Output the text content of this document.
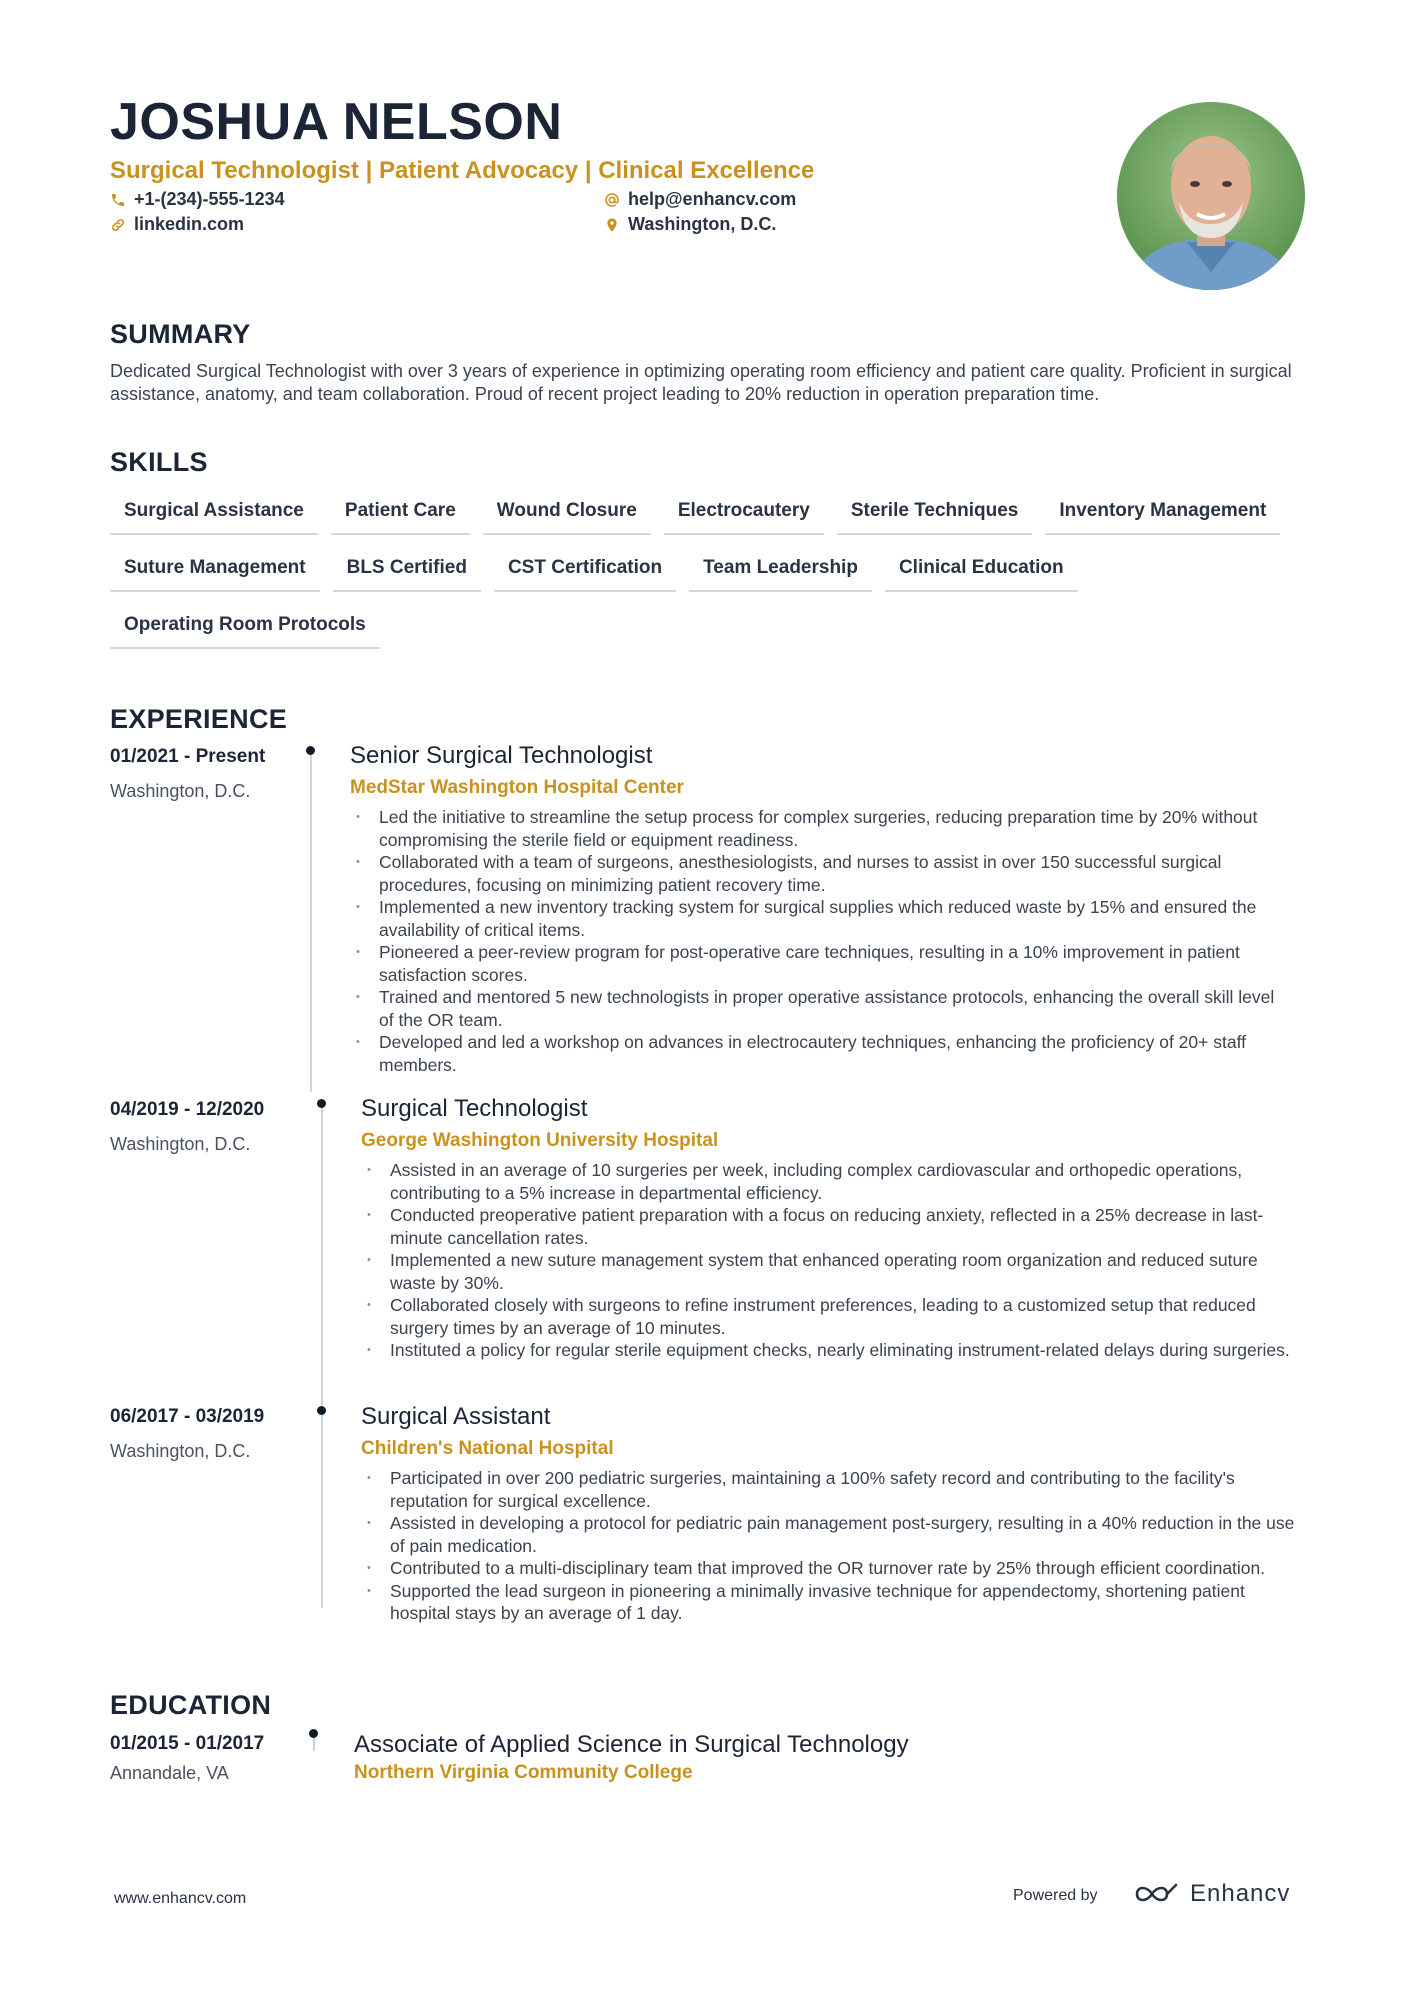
JOSHUA NELSON
Surgical Technologist | Patient Advocacy | Clinical Excellence
+1-(234)-555-1234	help@enhancv.com
linkedin.com	Washington, D.C.
SUMMARY
Dedicated Surgical Technologist with over 3 years of experience in optimizing operating room efficiency and patient care quality. Proficient in surgical assistance, anatomy, and team collaboration. Proud of recent project leading to 20% reduction in operation preparation time.
SKILLS
Surgical Assistance	Patient Care	Wound Closure	Electrocautery	Sterile Techniques	Inventory Management
Suture Management	BLS Certified	CST Certification	Team Leadership	Clinical Education
Operating Room Protocols
EXPERIENCE
01/2021 - Present
Washington, D.C.
Senior Surgical Technologist
MedStar Washington Hospital Center
• Led the initiative to streamline the setup process for complex surgeries, reducing preparation time by 20% without compromising the sterile field or equipment readiness.
• Collaborated with a team of surgeons, anesthesiologists, and nurses to assist in over 150 successful surgical procedures, focusing on minimizing patient recovery time.
• Implemented a new inventory tracking system for surgical supplies which reduced waste by 15% and ensured the availability of critical items.
• Pioneered a peer-review program for post-operative care techniques, resulting in a 10% improvement in patient satisfaction scores.
• Trained and mentored 5 new technologists in proper operative assistance protocols, enhancing the overall skill level of the OR team.
• Developed and led a workshop on advances in electrocautery techniques, enhancing the proficiency of 20+ staff members.
04/2019 - 12/2020
Washington, D.C.
Surgical Technologist
George Washington University Hospital
• Assisted in an average of 10 surgeries per week, including complex cardiovascular and orthopedic operations, contributing to a 5% increase in departmental efficiency.
• Conducted preoperative patient preparation with a focus on reducing anxiety, reflected in a 25% decrease in last-minute cancellation rates.
• Implemented a new suture management system that enhanced operating room organization and reduced suture waste by 30%.
• Collaborated closely with surgeons to refine instrument preferences, leading to a customized setup that reduced surgery times by an average of 10 minutes.
• Instituted a policy for regular sterile equipment checks, nearly eliminating instrument-related delays during surgeries.
06/2017 - 03/2019
Washington, D.C.
Surgical Assistant
Children's National Hospital
• Participated in over 200 pediatric surgeries, maintaining a 100% safety record and contributing to the facility's reputation for surgical excellence.
• Assisted in developing a protocol for pediatric pain management post-surgery, resulting in a 40% reduction in the use of pain medication.
• Contributed to a multi-disciplinary team that improved the OR turnover rate by 25% through efficient coordination.
• Supported the lead surgeon in pioneering a minimally invasive technique for appendectomy, shortening patient hospital stays by an average of 1 day.
EDUCATION
01/2015 - 01/2017
Annandale, VA
Associate of Applied Science in Surgical Technology
Northern Virginia Community College
www.enhancv.com	Powered by	Enhancv
